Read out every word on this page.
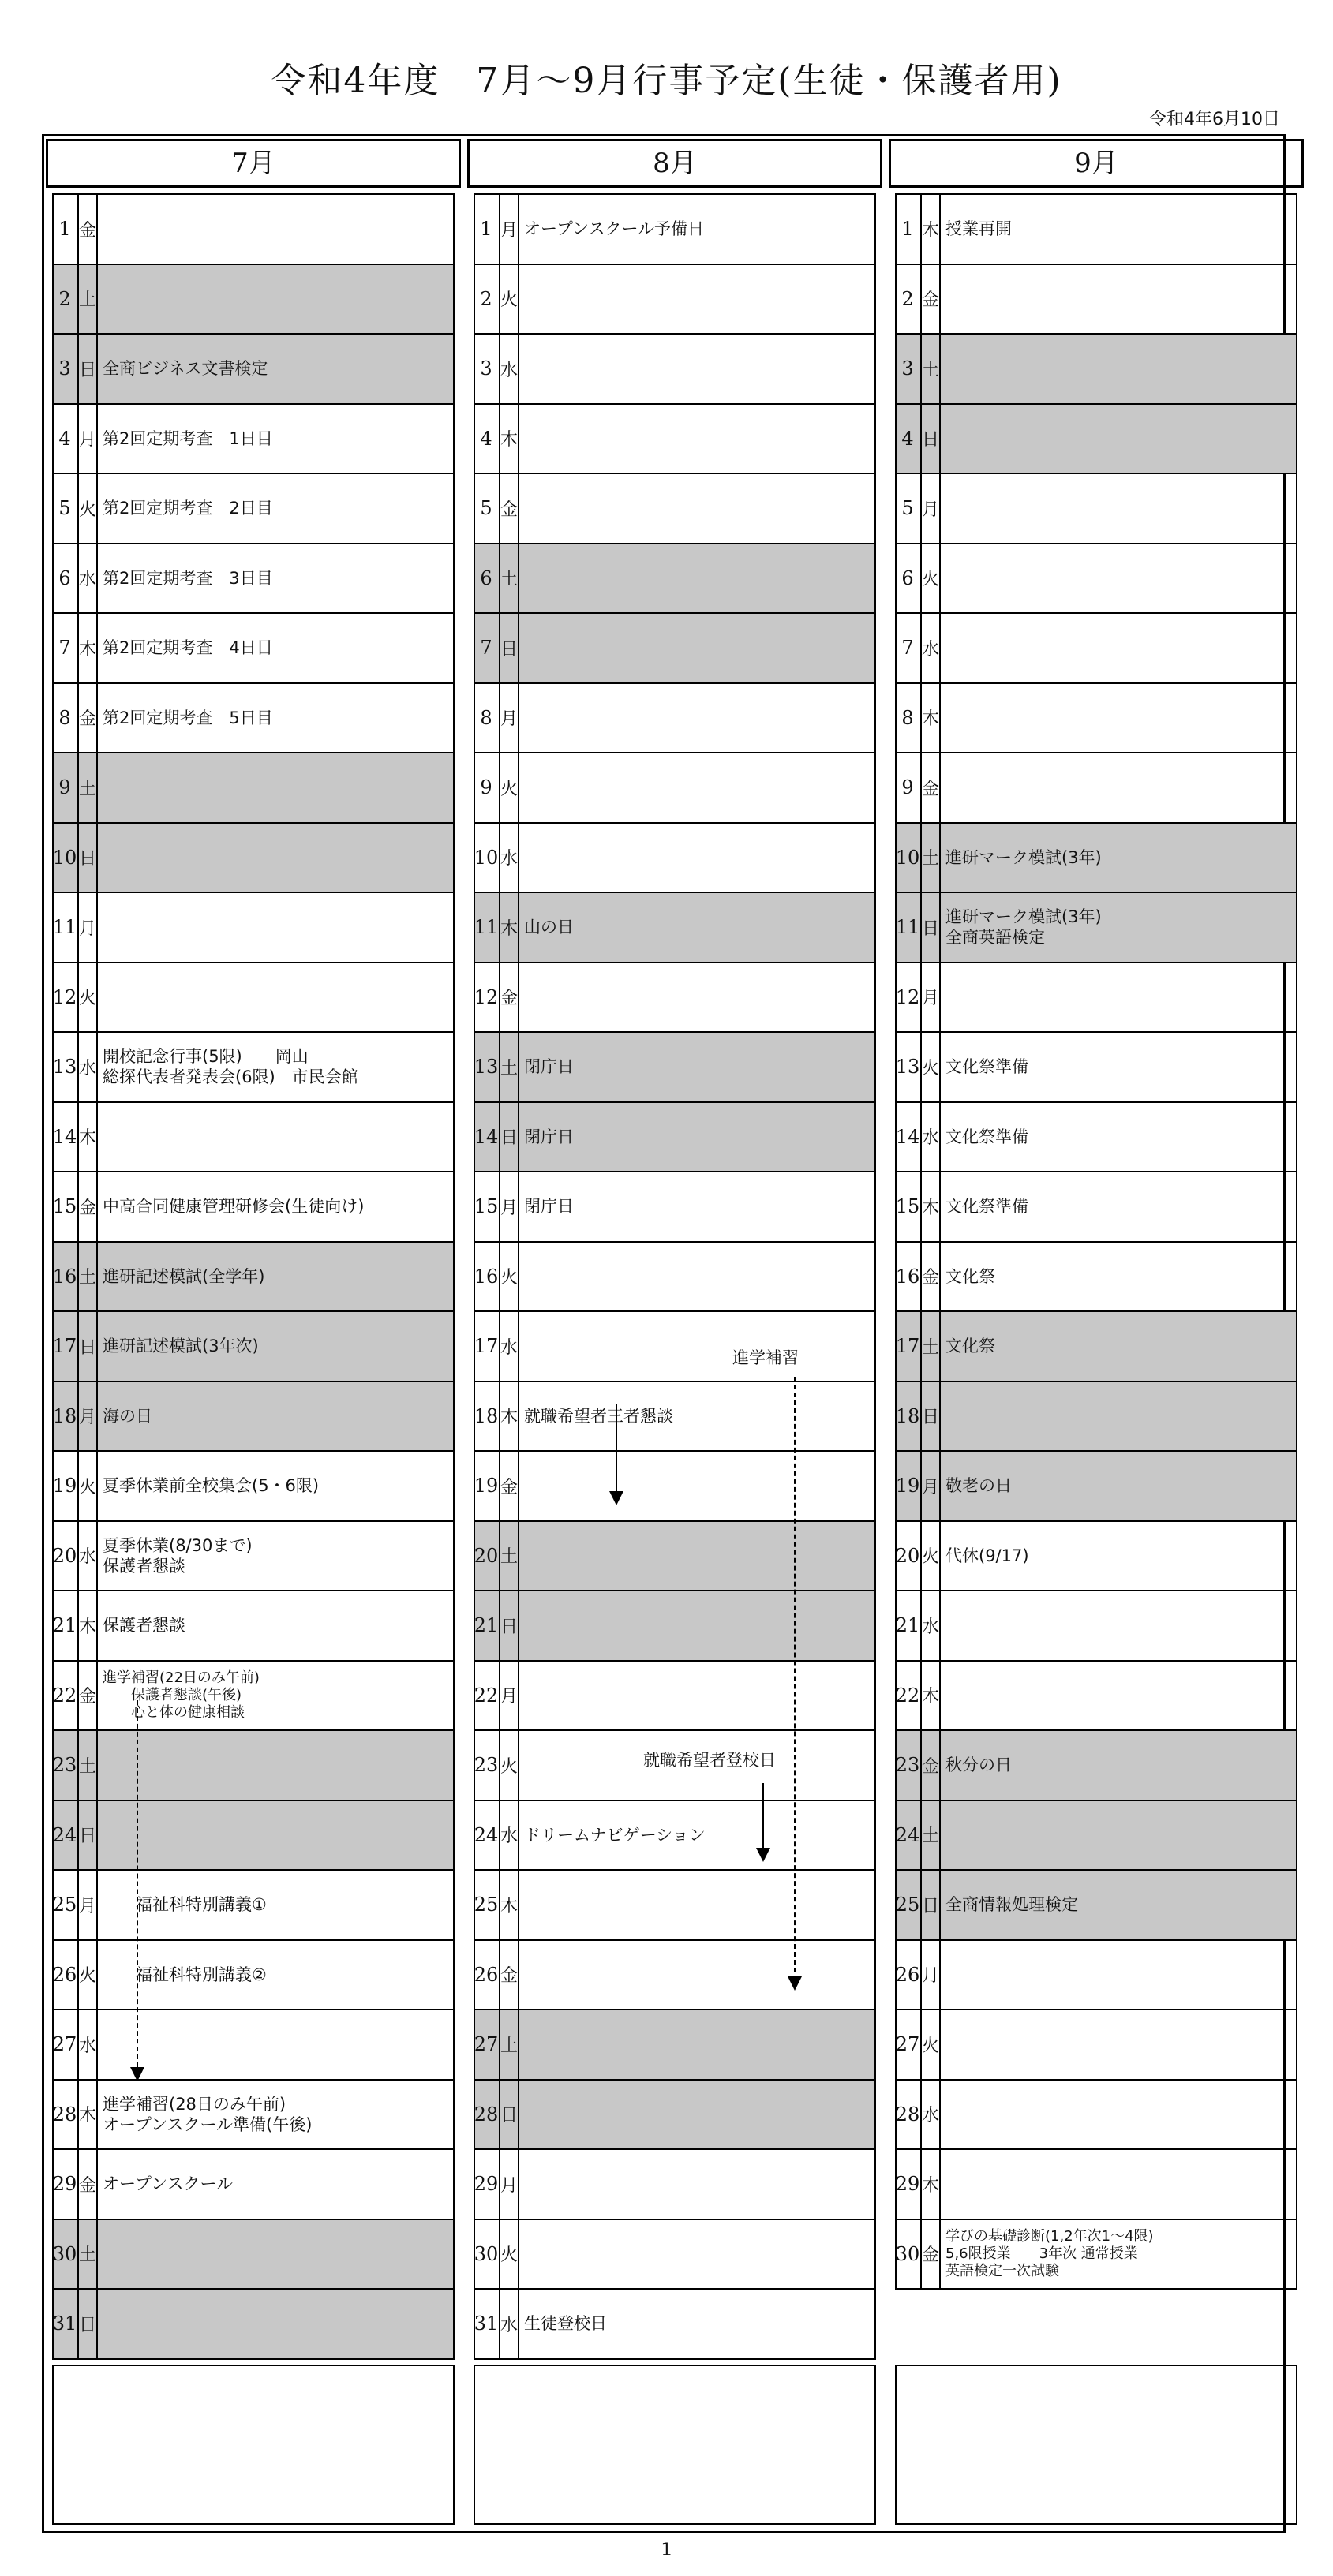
令和4年度　7月～9月行事予定(生徒・保護者用)
令和4年6月10日
7月
1 金
2 土
3 日 全商ビジネス文書検定
4 月 第2回定期考査　1日目
5 火 第2回定期考査　2日目
6 水 第2回定期考査　3日目
7 木 第2回定期考査　4日目
8 金 第2回定期考査　5日目
9 土
10 日
11 月
12 火
13 水
開校記念行事(5限)　　岡山
総探代表者発表会(6限)　市民会館
14 木
15 金 中高合同健康管理研修会(生徒向け)
16 土 進研記述模試(全学年)
17 日 進研記述模試(3年次)
18 月 海の日
19 火 夏季休業前全校集会(5・6限)
20 水
夏季休業(8/30まで)
保護者懇談
21 木 保護者懇談
22 金
進学補習(22日のみ午前)
　　保護者懇談(午後)
　　心と体の健康相談
23 土
24 日
25 月 　　福祉科特別講義①
26 火 　　福祉科特別講義②
27 水
28 木
進学補習(28日のみ午前)
オープンスクール準備(午後)
29 金 オープンスクール
30 土
31 日
8月
1 月 オープンスクール予備日
2 火
3 水
4 木
5 金
6 土
7 日
8 月
9 火
10 水
11 木 山の日
12 金
13 土 閉庁日
14 日 閉庁日
15 月 閉庁日
16 火
17 水
18 木 就職希望者三者懇談
19 金
20 土
21 日
22 月
23 火
24 水 ドリームナビゲーション
25 木
26 金
27 土
28 日
29 月
30 火
31 水 生徒登校日
9月
1 木 授業再開
2 金
3 土
4 日
5 月
6 火
7 水
8 木
9 金
10 土 進研マーク模試(3年)
11 日
進研マーク模試(3年)
全商英語検定
12 月
13 火 文化祭準備
14 水 文化祭準備
15 木 文化祭準備
16 金 文化祭
17 土 文化祭
18 日
19 月 敬老の日
20 火 代休(9/17)
21 水
22 木
23 金 秋分の日
24 土
25 日 全商情報処理検定
26 月
27 火
28 水
29 木
30 金
学びの基礎診断(1,2年次1～4限)
5,6限授業　　3年次 通常授業
英語検定一次試験
進学補習
就職希望者登校日
1
